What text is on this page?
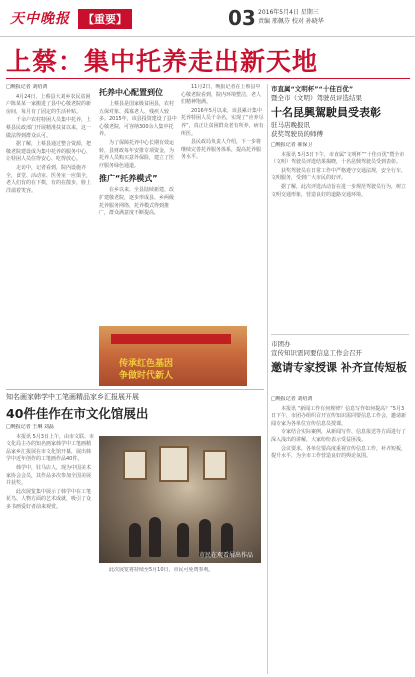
天中晚报	【重要】	03 2016年5月4日 星期三
责编 邢佩芬 校对 孙晓华
上蔡：集中托养走出新天地
□晚报记者 刘绍鸿

4月24日，上蔡县大刘乡农民贫困户陈某某一家搬进了县中心敬老院的新房间，每月有了固定的生活补贴。

千余户农村特困人员集中托养，上蔡县民政部门开展精准扶贫以来，这一做法得到群众认可。

据了解，上蔡县通过整合资源，把敬老院建设成为集中托养的服务中心，让特困人员住得安心、吃得放心。

走访中，记者看到，院内设施齐全，食堂、活动室、医务室一应俱全，老人们有的在下棋，有的在散步，脸上洋溢着笑容。

托养中心配置到位

上蔡县是国家级贫困县，农村五保对象、孤寡老人、残疾人较多。2015年，该县投资建设了县中心敬老院，可容纳300余人集中托养。

为了保障托养中心长期有效运转，县财政每年安排专项资金，为托养人员购买意外保险，建立了医疗服务绿色通道。

推广“托养模式”

在乡以来，全县陆续新建、改扩建敬老院，逐步形成县、乡两级托养服务网络，托养模式得到推广，群众满意度不断提高。

11月2日，晚报记者在上蔡县中心敬老院看到，院内环境整洁，老人们精神饱满。

2016年5月以来，该县累计集中托养特困人员千余名，实现了“应养尽养”，真正让贫困群众老有所养、病有所医。

县民政局负责人介绍，下一步将继续完善托养服务体系，提高托养服务水平。

传承红色基因
争做时代新人
知名画家韩学中工笔画精品家乡汇报展开展
40件佳作在市文化馆展出
□晚报记者 王琳 刘磊

本报讯 5月3日上午，由市文联、市文化局主办的知名画家韩学中工笔画精品家乡汇报展在市文化馆开幕，展出韩学中近年创作的工笔画作品40件。

韩学中，驻马店人，现为中国美术家协会会员，其作品多次参加全国美展并获奖。

此次展览集中展示了韩学中在工笔花鸟、人物方面的艺术成就，吸引了众多书画爱好者前来观赏。

市民在观看展出作品

此次展览将持续至5月10日，市民可免费参观。

市直属“文明杯”“十佳百优”
暨全市（文明）驾驶员评选结果
十名昆興駕駛員受表彰
驻马店晚报讯
获奖驾驶员的师傅
□晚报记者 郝保卫

本报讯 5月3日下午，市直属“文明杯”“十佳百优”暨全市（文明）驾驶员评选结果揭晓，十名昆興驾驶员受到表彰。

获奖驾驶员在日常工作中严格遵守交通法规，安全行车，文明服务，受到广大市民的好评。

据了解，此次评选活动旨在进一步规范驾驶员行为，树立文明交通形象，营造良好的道路交通环境。

市团办
宣传知识需同要信息工作会召开
邀请专家授课 补齐宣传短板
□晚报记者 刘绍鸿

本报讯 “新闻工作有何规律？信息写作如何提高？”5月3日下午，市团办组织召开宣传知识需同要信息工作会，邀请新闻专家为各单位宣传信息员授课。

专家结合实际案例，从新闻写作、信息报送等方面进行了深入浅出的讲解，大家纷纷表示受益匪浅。

会议要求，各单位要高度重视宣传信息工作，补齐短板，提升水平，为全市工作营造良好的舆论氛围。
